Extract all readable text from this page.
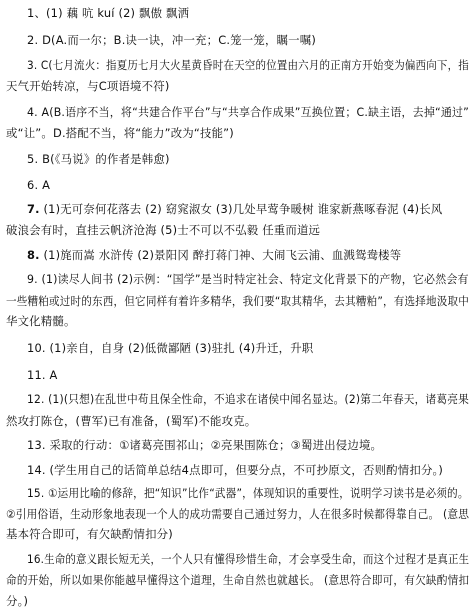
1、(1) 藕 吭 kuí (2) 飘傲 飘洒
2. D(A.而一尔；B.诀一诀，冲一充；C.笼一笼，瞩一嘱)
3. C(七月流火：指夏历七月大火星黄昏时在天空的位置由六月的正南方开始变为偏西向下，指
天气开始转凉，与C项语境不符)
4. A(B.语序不当，将“共建合作平台”与“共享合作成果”互换位置；C.缺主语，去掉“通过”
或“让”。D.搭配不当，将“能力”改为“技能”)
5. B(《马说》的作者是韩愈)
6. A
7. (1)无可奈何花落去 (2) 窈窕淑女 (3)几处早莺争暖树 谁家新燕啄春泥 (4)长风
破浪会有时，直挂云帆济沧海 (5)士不可以不弘毅 任重而道远
8. (1)旄而嵩 水浒传 (2)景阳冈 醉打蒋门神、大闹飞云浦、血溅鸳鸯楼等
9. (1)读尽人间书 (2)示例：“国学”是当时特定社会、特定文化背景下的产物，它必然会有
一些糟粕或过时的东西，但它同样有着许多精华，我们要“取其精华，去其糟粕”，有选择地汲取中
华文化精髓。
10. (1)亲自，自身 (2)低微鄙陋 (3)驻扎 (4)升迁，升职
11. A
12. (1)(只想)在乱世中苟且保全性命，不追求在诸侯中闻名显达。(2)第二年春天，诸葛亮果
然攻打陈仓，(曹军)已有准备，(蜀军)不能攻克。
13. 采取的行动：①诸葛亮围祁山；②亮果围陈仓；③蜀进出侵边境。
14. (学生用自己的话简单总结4点即可，但要分点，不可抄原文，否则酌情扣分。)
15. ①运用比喻的修辞，把“知识”比作“武器”，体现知识的重要性，说明学习读书是必须的。
②引用俗语，生动形象地表现一个人的成功需要自己通过努力，人在很多时候都得靠自己。 (意思
基本符合即可，有欠缺酌情扣分)
16.生命的意义跟长短无关，一个人只有懂得珍惜生命，才会享受生命，而这个过程才是真正生
命的开始，所以如果你能越早懂得这个道理，生命自然也就越长。 (意思符合即可，有欠缺酌情扣
分。)
